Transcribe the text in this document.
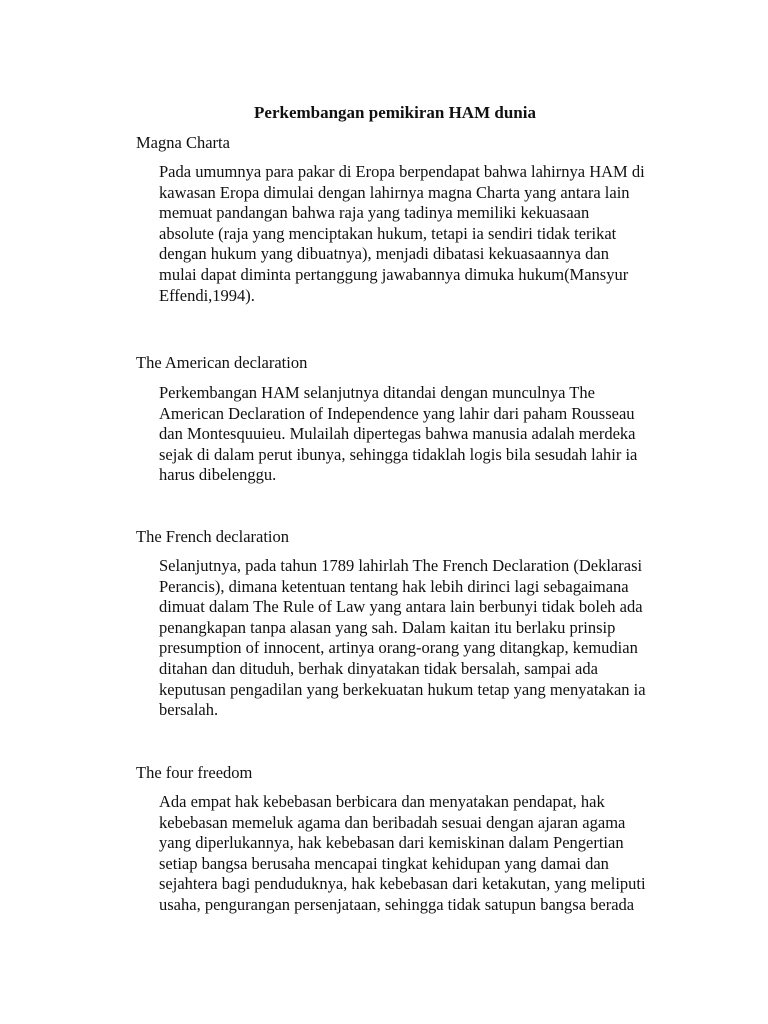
Perkembangan pemikiran HAM dunia
Magna Charta
Pada umumnya para pakar di Eropa berpendapat bahwa lahirnya HAM di
kawasan Eropa dimulai dengan lahirnya magna Charta yang antara lain
memuat pandangan bahwa raja yang tadinya memiliki kekuasaan
absolute (raja yang menciptakan hukum, tetapi ia sendiri tidak terikat
dengan hukum yang dibuatnya), menjadi dibatasi kekuasaannya dan
mulai dapat diminta pertanggung jawabannya dimuka hukum(Mansyur
Effendi,1994).
The American declaration
Perkembangan HAM selanjutnya ditandai dengan munculnya The
American Declaration of Independence yang lahir dari paham Rousseau
dan Montesquuieu. Mulailah dipertegas bahwa manusia adalah merdeka
sejak di dalam perut ibunya, sehingga tidaklah logis bila sesudah lahir ia
harus dibelenggu.
The French declaration
Selanjutnya, pada tahun 1789 lahirlah The French Declaration (Deklarasi
Perancis), dimana ketentuan tentang hak lebih dirinci lagi sebagaimana
dimuat dalam The Rule of Law yang antara lain berbunyi tidak boleh ada
penangkapan tanpa alasan yang sah. Dalam kaitan itu berlaku prinsip
presumption of innocent, artinya orang-orang yang ditangkap, kemudian
ditahan dan dituduh, berhak dinyatakan tidak bersalah, sampai ada
keputusan pengadilan yang berkekuatan hukum tetap yang menyatakan ia
bersalah.
The four freedom
Ada empat hak kebebasan berbicara dan menyatakan pendapat, hak
kebebasan memeluk agama dan beribadah sesuai dengan ajaran agama
yang diperlukannya, hak kebebasan dari kemiskinan dalam Pengertian
setiap bangsa berusaha mencapai tingkat kehidupan yang damai dan
sejahtera bagi penduduknya, hak kebebasan dari ketakutan, yang meliputi
usaha, pengurangan persenjataan, sehingga tidak satupun bangsa berada
